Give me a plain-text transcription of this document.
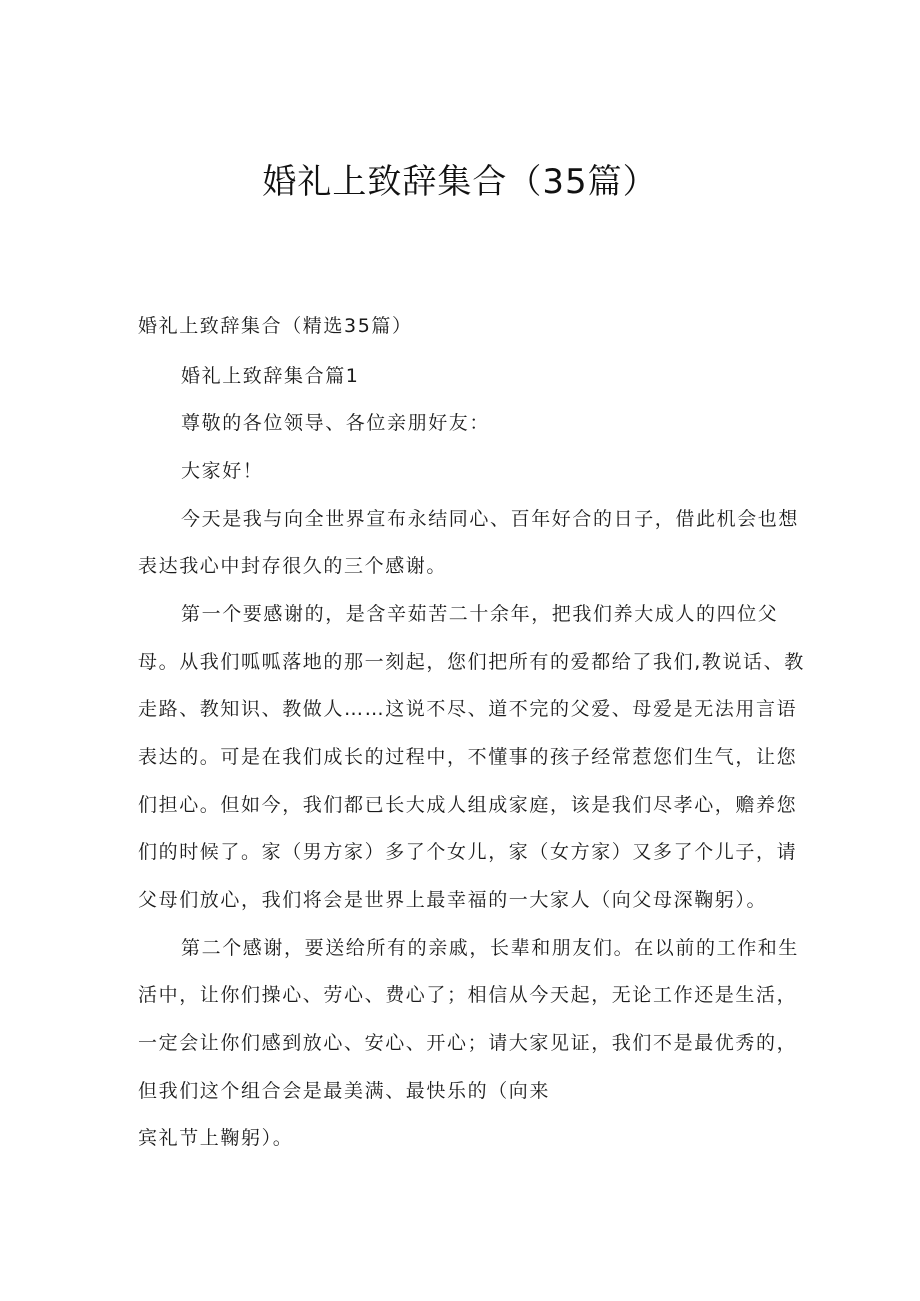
婚礼上致辞集合（35篇）
婚礼上致辞集合（精选35篇）
婚礼上致辞集合篇1
尊敬的各位领导、各位亲朋好友：
大家好！
今天是我与向全世界宣布永结同心、百年好合的日子，借此机会也想
表达我心中封存很久的三个感谢。
第一个要感谢的，是含辛茹苦二十余年，把我们养大成人的四位父
母。从我们呱呱落地的那一刻起，您们把所有的爱都给了我们,教说话、教
走路、教知识、教做人……这说不尽、道不完的父爱、母爱是无法用言语
表达的。可是在我们成长的过程中，不懂事的孩子经常惹您们生气，让您
们担心。但如今，我们都已长大成人组成家庭，该是我们尽孝心，赡养您
们的时候了。家（男方家）多了个女儿，家（女方家）又多了个儿子，请
父母们放心，我们将会是世界上最幸福的一大家人（向父母深鞠躬）。
第二个感谢，要送给所有的亲戚，长辈和朋友们。在以前的工作和生
活中，让你们操心、劳心、费心了；相信从今天起，无论工作还是生活，
一定会让你们感到放心、安心、开心；请大家见证，我们不是最优秀的，
但我们这个组合会是最美满、最快乐的（向来
宾礼节上鞠躬）。
